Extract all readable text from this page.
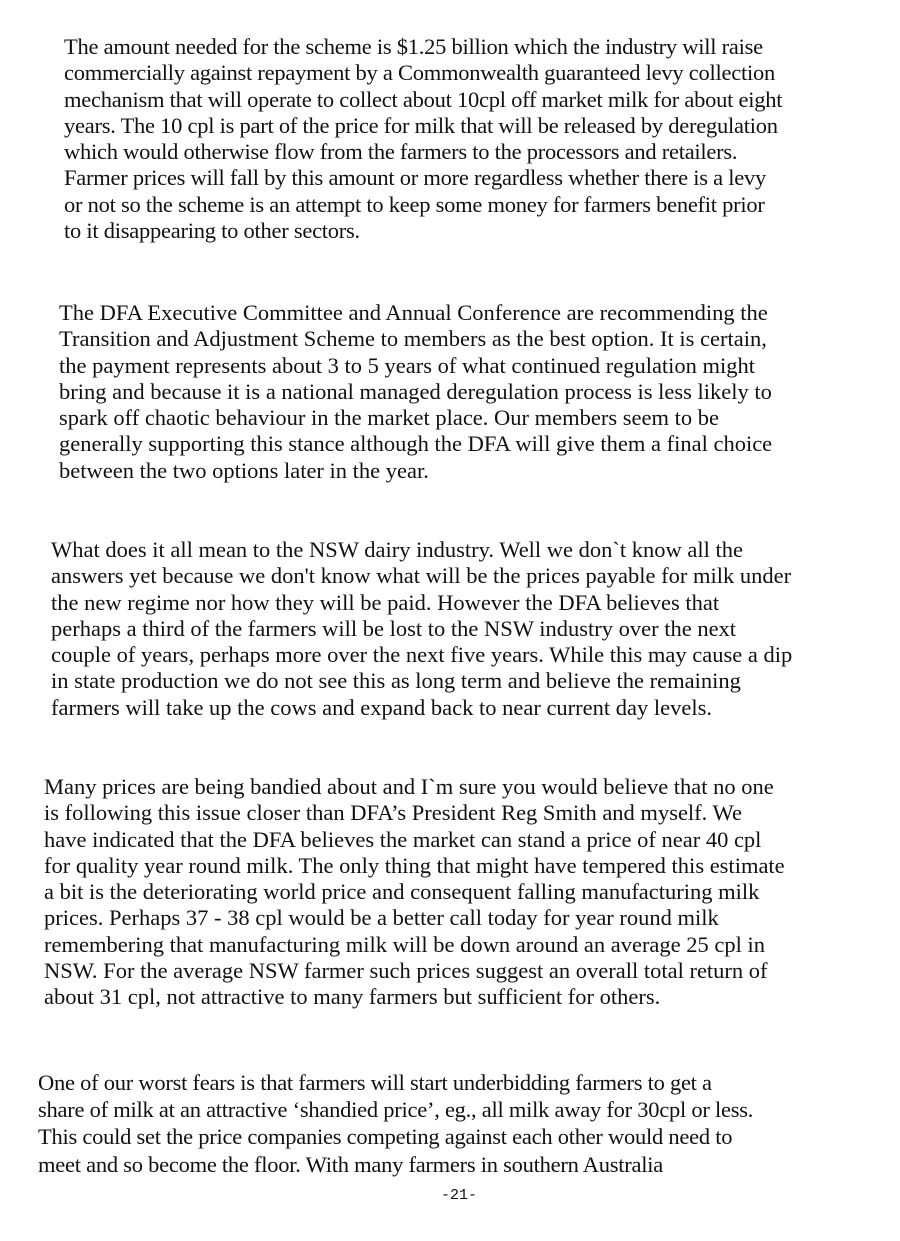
The amount needed for the scheme is $1.25 billion which the industry will raise
commercially against repayment by a Commonwealth guaranteed levy collection
mechanism that will operate to collect about 10cpl off market milk for about eight
years. The 10 cpl is part of the price for milk that will be released by deregulation
which would otherwise flow from the farmers to the processors and retailers.
Farmer prices will fall by this amount or more regardless whether there is a levy
or not so the scheme is an attempt to keep some money for farmers benefit prior
to it disappearing to other sectors.
The DFA Executive Committee and Annual Conference are recommending the
Transition and Adjustment Scheme to members as the best option. It is certain,
the payment represents about 3 to 5 years of what continued regulation might
bring and because it is a national managed deregulation process is less likely to
spark off chaotic behaviour in the market place. Our members seem to be
generally supporting this stance although the DFA will give them a final choice
between the two options later in the year.
What does it all mean to the NSW dairy industry. Well we don`t know all the
answers yet because we don't know what will be the prices payable for milk under
the new regime nor how they will be paid. However the DFA believes that
perhaps a third of the farmers will be lost to the NSW industry over the next
couple of years, perhaps more over the next five years. While this may cause a dip
in state production we do not see this as long term and believe the remaining
farmers will take up the cows and expand back to near current day levels.
Many prices are being bandied about and I`m sure you would believe that no one
is following this issue closer than DFA’s President Reg Smith and myself. We
have indicated that the DFA believes the market can stand a price of near 40 cpl
for quality year round milk. The only thing that might have tempered this estimate
a bit is the deteriorating world price and consequent falling manufacturing milk
prices. Perhaps 37 - 38 cpl would be a better call today for year round milk
remembering that manufacturing milk will be down around an average 25 cpl in
NSW. For the average NSW farmer such prices suggest an overall total return of
about 31 cpl, not attractive to many farmers but sufficient for others.
One of our worst fears is that farmers will start underbidding farmers to get a
share of milk at an attractive ‘shandied price’, eg., all milk away for 30cpl or less.
This could set the price companies competing against each other would need to
meet and so become the floor. With many farmers in southern Australia
-21-
